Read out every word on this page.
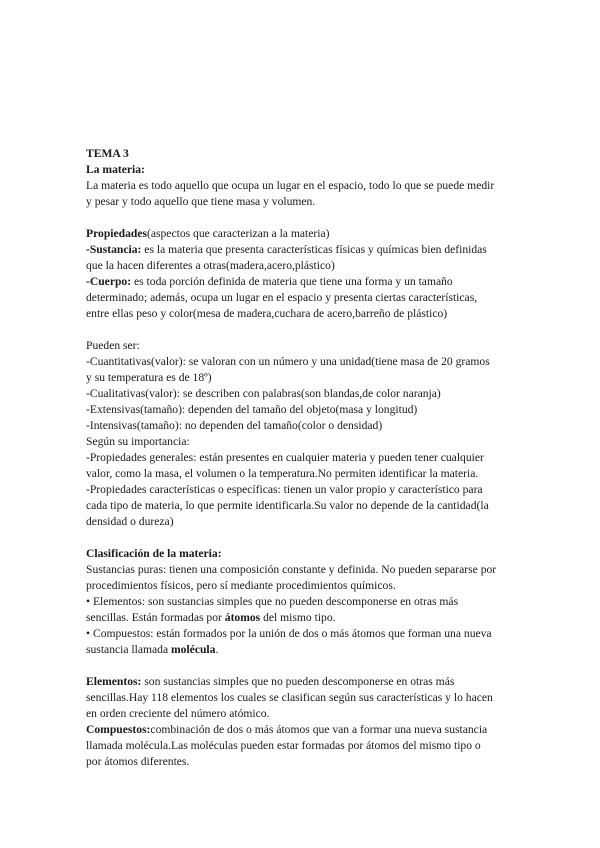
TEMA 3

La materia:

La materia es todo aquello que ocupa un lugar en el espacio, todo lo que se puede medir

y pesar y todo aquello que tiene masa y volumen.

Propiedades(aspectos que caracterizan a la materia)

-Sustancia: es la materia que presenta características físicas y químicas bien definidas

que la hacen diferentes a otras(madera,acero,plástico)

-Cuerpo: es toda porción definida de materia que tiene una forma y un tamaño

determinado; además, ocupa un lugar en el espacio y presenta ciertas características,

entre ellas peso y color(mesa de madera,cuchara de acero,barreño de plástico)

Pueden ser:

-Cuantitativas(valor): se valoran con un número y una unidad(tiene masa de 20 gramos

y su temperatura es de 18º)

-Cualitativas(valor): se describen con palabras(son blandas,de color naranja)

-Extensivas(tamaño): dependen del tamaño del objeto(masa y longitud)

-Intensivas(tamaño): no dependen del tamaño(color o densidad)

Según su importancia:

-Propiedades generales: están presentes en cualquier materia y pueden tener cualquier

valor, como la masa, el volumen o la temperatura.No permiten identificar la materia.

-Propiedades características o específicas: tienen un valor propio y característico para

cada tipo de materia, lo que permite identificarla.Su valor no depende de la cantidad(la

densidad o dureza)

Clasificación de la materia:

Sustancias puras: tienen una composición constante y definida. No pueden separarse por

procedimientos físicos, pero sí mediante procedimientos químicos.

• Elementos: son sustancias simples que no pueden descomponerse en otras más

sencillas. Están formadas por átomos del mismo tipo.

• Compuestos: están formados por la unión de dos o más átomos que forman una nueva

sustancia llamada molécula.

Elementos: son sustancias simples que no pueden descomponerse en otras más

sencillas.Hay 118 elementos los cuales se clasifican según sus características y lo hacen

en orden creciente del número atómico.

Compuestos:combinación de dos o más átomos que van a formar una nueva sustancia

llamada molécula.Las moléculas pueden estar formadas por átomos del mismo tipo o

por átomos diferentes.
